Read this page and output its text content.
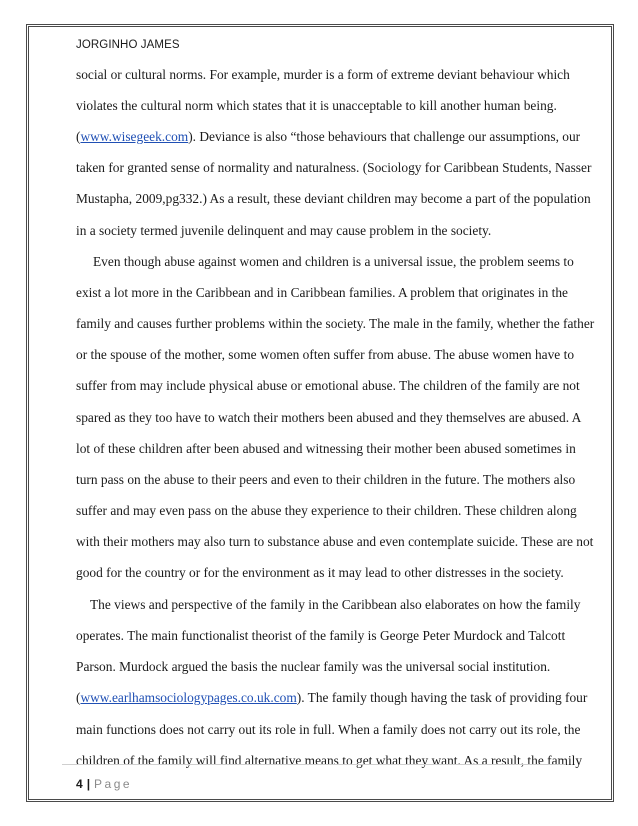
JORGINHO JAMES
social or cultural norms. For example, murder is a form of extreme deviant behaviour which
violates the cultural norm which states that it is unacceptable to kill another human being.
(www.wisegeek.com). Deviance is also “those behaviours that challenge our assumptions, our
taken for granted sense of normality and naturalness. (Sociology for Caribbean Students, Nasser
Mustapha, 2009,pg332.) As a result, these deviant children may become a part of the population
in a society termed juvenile delinquent and may cause problem in the society.
Even though abuse against women and children is a universal issue, the problem seems to
exist a lot more in the Caribbean and in Caribbean families. A problem that originates in the
family and causes further problems within the society. The male in the family, whether the father
or the spouse of the mother, some women often suffer from abuse. The abuse women have to
suffer from may include physical abuse or emotional abuse. The children of the family are not
spared as they too have to watch their mothers been abused and they themselves are abused. A
lot of these children after been abused and witnessing their mother been abused sometimes in
turn pass on the abuse to their peers and even to their children in the future. The mothers also
suffer and may even pass on the abuse they experience to their children. These children along
with their mothers may also turn to substance abuse and even contemplate suicide. These are not
good for the country or for the environment as it may lead to other distresses in the society.
The views and perspective of the family in the Caribbean also elaborates on how the family
operates. The main functionalist theorist of the family is George Peter Murdock and Talcott
Parson. Murdock argued the basis the nuclear family was the universal social institution.
(www.earlhamsociologypages.co.uk.com). The family though having the task of providing four
main functions does not carry out its role in full. When a family does not carry out its role, the
children of the family will find alternative means to get what they want. As a result, the family
4 | Page
